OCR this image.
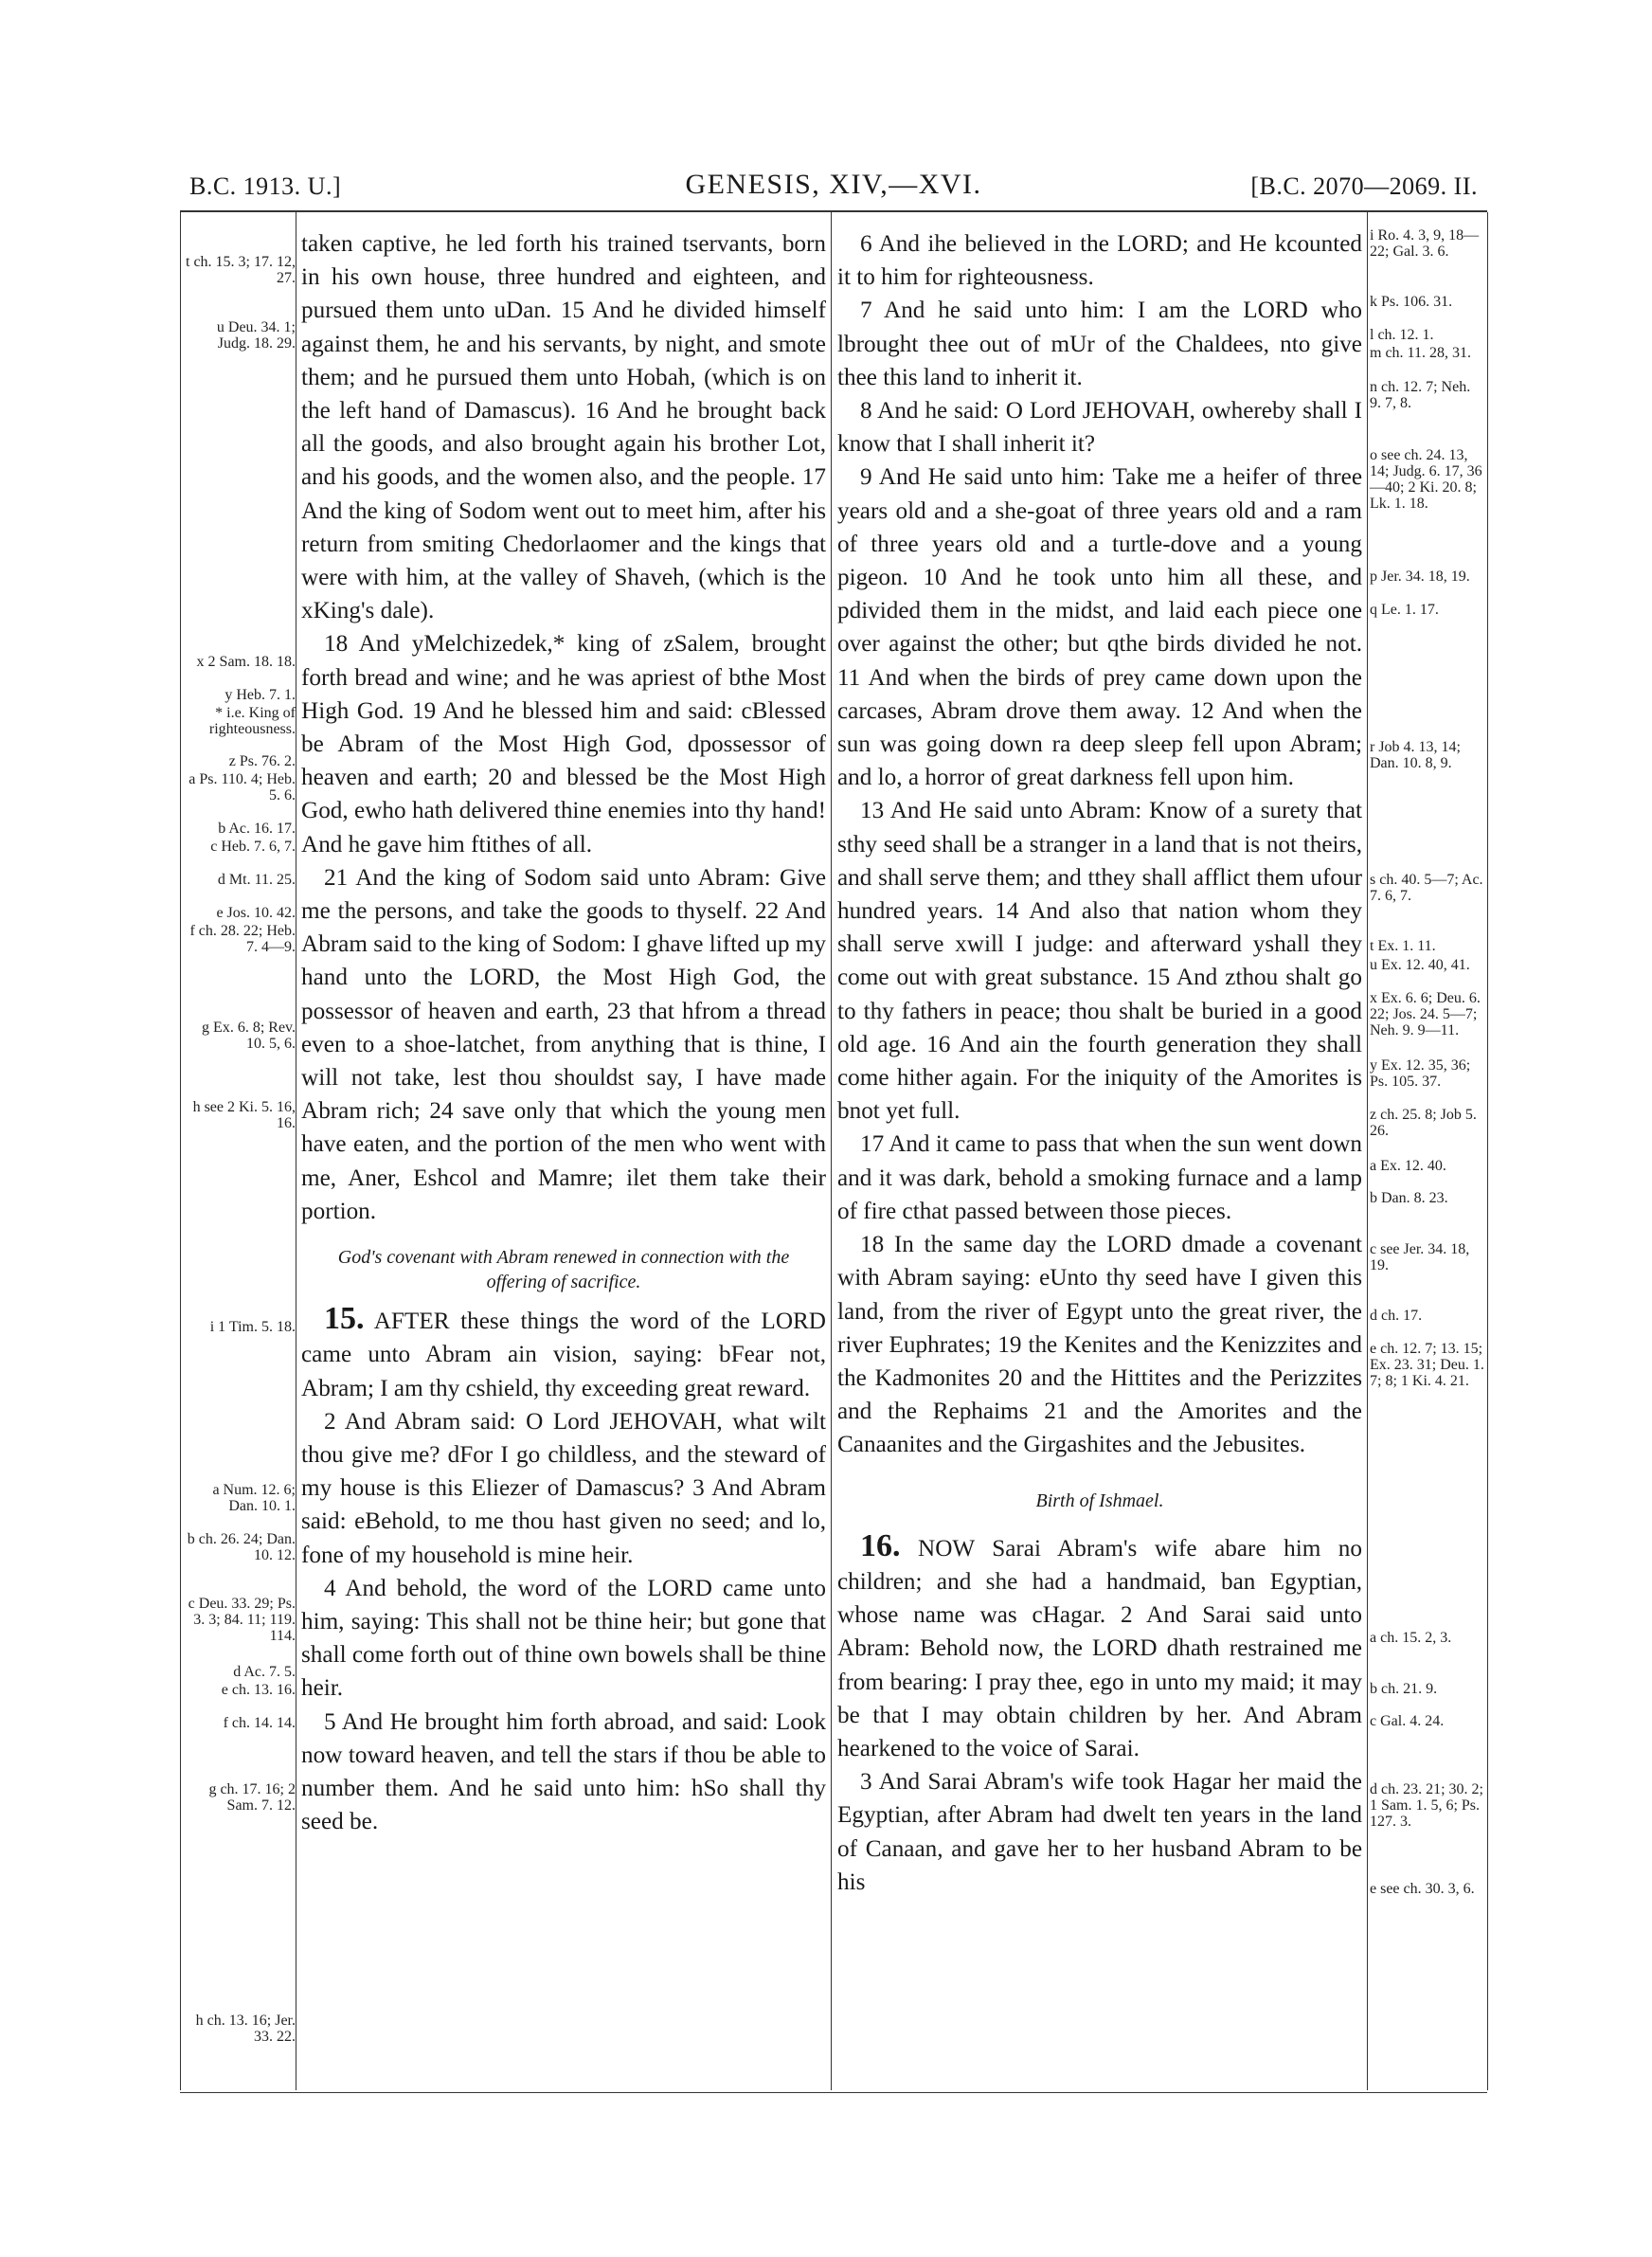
B.C. 1913. U.]	GENESIS, XIV,—XVI.	[B.C. 2070—2069. II.
t ch. 15. 3; 17. 12, 27.
u Deu. 34. 1; Judg. 18. 29.
x 2 Sam. 18. 18.
y Heb. 7. 1.
* i.e. King of righteousness.
z Ps. 76. 2.
a Ps. 110. 4; Heb. 5. 6.
b Ac. 16. 17.
c Heb. 7. 6, 7.
d Mt. 11. 25.
e Jos. 10. 42.
f ch. 28. 22; Heb. 7. 4—9.
g Ex. 6. 8; Rev. 10. 5, 6.
h see 2 Ki. 5. 16, 16.
i 1 Tim. 5. 18.
a Num. 12. 6; Dan. 10. 1.
b ch. 26. 24; Dan. 10. 12.
c Deu. 33. 29; Ps. 3. 3; 84. 11; 119. 114.
d Ac. 7. 5.
e ch. 13. 16.
f ch. 14. 14.
g ch. 17. 16; 2 Sam. 7. 12.
h ch. 13. 16; Jer. 33. 22.
i Ro. 4. 3, 9, 18—22; Gal. 3. 6.
k Ps. 106. 31.
l ch. 12. 1.
m ch. 11. 28, 31.
n ch. 12. 7; Neh. 9. 7, 8.
o see ch. 24. 13, 14; Judg. 6. 17, 36—40; 2 Ki. 20. 8; Lk. 1. 18.
p Jer. 34. 18, 19.
q Le. 1. 17.
r Job 4. 13, 14; Dan. 10. 8, 9.
s ch. 40. 5—7; Ac. 7. 6, 7.
t Ex. 1. 11.
u Ex. 12. 40, 41.
x Ex. 6. 6; Deu. 6. 22; Jos. 24. 5—7; Neh. 9. 9—11.
y Ex. 12. 35, 36; Ps. 105. 37.
z ch. 25. 8; Job 5. 26.
a Ex. 12. 40.
b Dan. 8. 23.
c see Jer. 34. 18, 19.
d ch. 17.
e ch. 12. 7; 13. 15; Ex. 23. 31; Deu. 1. 7; 8; 1 Ki. 4. 21.
a ch. 15. 2, 3.
b ch. 21. 9.
c Gal. 4. 24.
d ch. 23. 21; 30. 2; 1 Sam. 1. 5, 6; Ps. 127. 3.
e see ch. 30. 3, 6.

taken captive, he led forth his trained tservants, born in his own house, three hundred and eighteen, and pursued them unto uDan. 15 And he divided himself against them, he and his servants, by night, and smote them; and he pursued them unto Hobah, (which is on the left hand of Damascus). 16 And he brought back all the goods, and also brought again his brother Lot, and his goods, and the women also, and the people. 17 And the king of Sodom went out to meet him, after his return from smiting Chedorlaomer and the kings that were with him, at the valley of Shaveh, (which is the xKing's dale).

18 And yMelchizedek,* king of zSalem, brought forth bread and wine; and he was apriest of bthe Most High God. 19 And he blessed him and said: cBlessed be Abram of the Most High God, dpossessor of heaven and earth; 20 and blessed be the Most High God, ewho hath delivered thine enemies into thy hand! And he gave him ftithes of all.

21 And the king of Sodom said unto Abram: Give me the persons, and take the goods to thyself. 22 And Abram said to the king of Sodom: I ghave lifted up my hand unto the LORD, the Most High God, the possessor of heaven and earth, 23 that hfrom a thread even to a shoe-latchet, from anything that is thine, I will not take, lest thou shouldst say, I have made Abram rich; 24 save only that which the young men have eaten, and the portion of the men who went with me, Aner, Eshcol and Mamre; ilet them take their portion.

God's covenant with Abram renewed in connection with the offering of sacrifice.

15. AFTER these things the word of the LORD came unto Abram ain vision, saying: bFear not, Abram; I am thy cshield, thy exceeding great reward.

2 And Abram said: O Lord JEHOVAH, what wilt thou give me? dFor I go childless, and the steward of my house is this Eliezer of Damascus? 3 And Abram said: eBehold, to me thou hast given no seed; and lo, fone of my household is mine heir.

4 And behold, the word of the LORD came unto him, saying: This shall not be thine heir; but gone that shall come forth out of thine own bowels shall be thine heir.

5 And He brought him forth abroad, and said: Look now toward heaven, and tell the stars if thou be able to number them. And he said unto him: hSo shall thy seed be.

6 And ihe believed in the LORD; and He kcounted it to him for righteousness.

7 And he said unto him: I am the LORD who lbrought thee out of mUr of the Chaldees, nto give thee this land to inherit it.

8 And he said: O Lord JEHOVAH, owhereby shall I know that I shall inherit it?

9 And He said unto him: Take me a heifer of three years old and a she-goat of three years old and a ram of three years old and a turtle-dove and a young pigeon. 10 And he took unto him all these, and pdivided them in the midst, and laid each piece one over against the other; but qthe birds divided he not. 11 And when the birds of prey came down upon the carcases, Abram drove them away. 12 And when the sun was going down ra deep sleep fell upon Abram; and lo, a horror of great darkness fell upon him.

13 And He said unto Abram: Know of a surety that sthy seed shall be a stranger in a land that is not theirs, and shall serve them; and tthey shall afflict them ufour hundred years. 14 And also that nation whom they shall serve xwill I judge: and afterward yshall they come out with great substance. 15 And zthou shalt go to thy fathers in peace; thou shalt be buried in a good old age. 16 And ain the fourth generation they shall come hither again. For the iniquity of the Amorites is bnot yet full.

17 And it came to pass that when the sun went down and it was dark, behold a smoking furnace and a lamp of fire cthat passed between those pieces.

18 In the same day the LORD dmade a covenant with Abram saying: eUnto thy seed have I given this land, from the river of Egypt unto the great river, the river Euphrates; 19 the Kenites and the Kenizzites and the Kadmonites 20 and the Hittites and the Perizzites and the Rephaims 21 and the Amorites and the Canaanites and the Girgashites and the Jebusites.

Birth of Ishmael.

16. NOW Sarai Abram's wife abare him no children; and she had a handmaid, ban Egyptian, whose name was cHagar. 2 And Sarai said unto Abram: Behold now, the LORD dhath restrained me from bearing: I pray thee, ego in unto my maid; it may be that I may obtain children by her. And Abram hearkened to the voice of Sarai.

3 And Sarai Abram's wife took Hagar her maid the Egyptian, after Abram had dwelt ten years in the land of Canaan, and gave her to her husband Abram to be his
